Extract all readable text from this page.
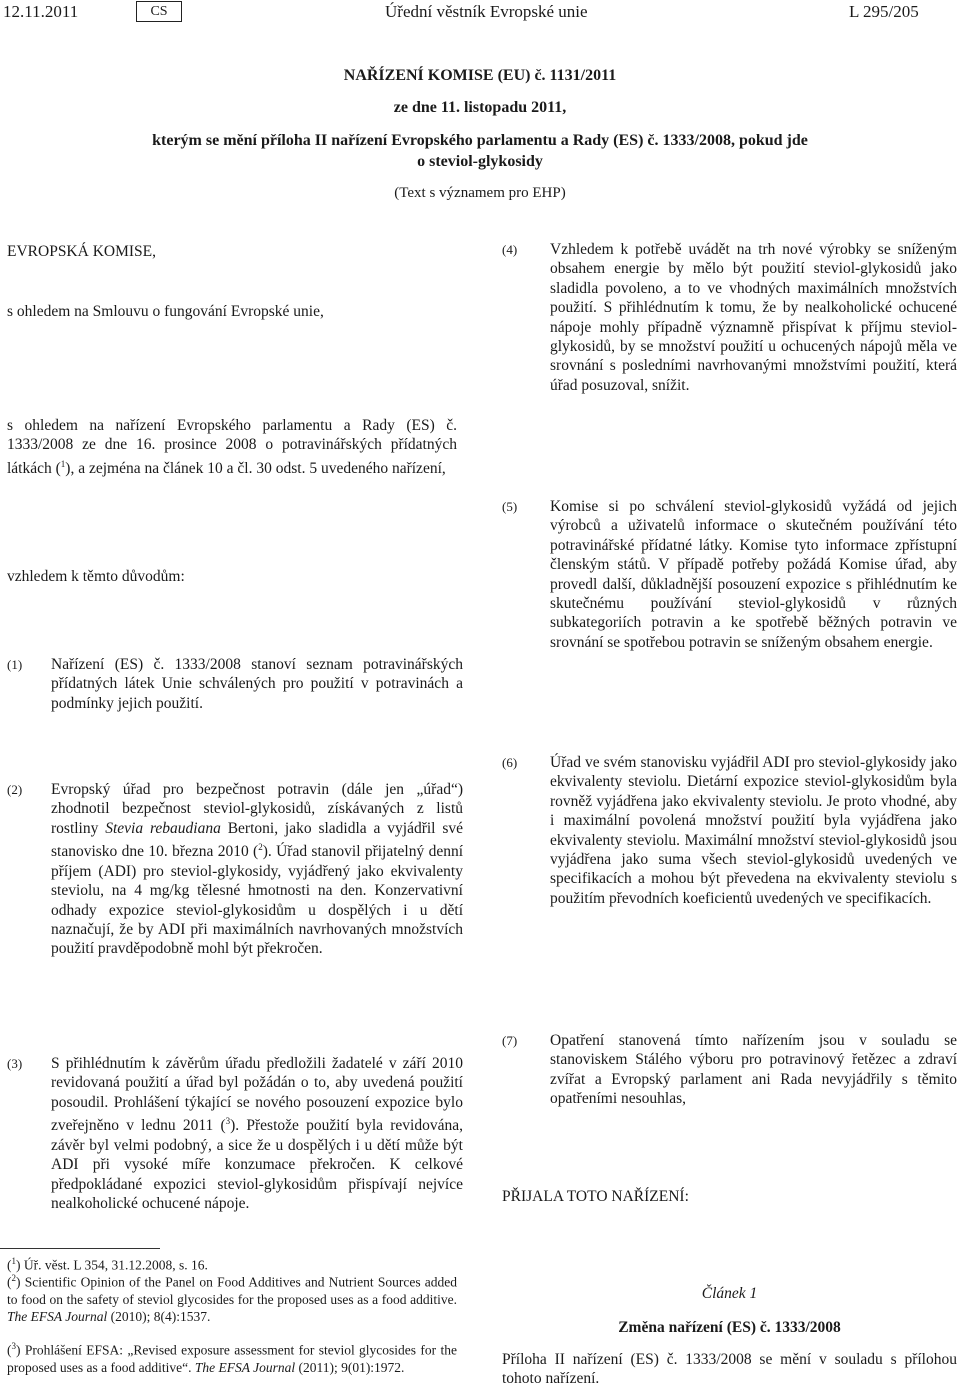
12.11.2011	CS	Úřední věstník Evropské unie	L 295/205
NAŘÍZENÍ KOMISE (EU) č. 1131/2011
ze dne 11. listopadu 2011,
kterým se mění příloha II nařízení Evropského parlamentu a Rady (ES) č. 1333/2008, pokud jde
o steviol-glykosidy
(Text s významem pro EHP)
EVROPSKÁ KOMISE,
s ohledem na Smlouvu o fungování Evropské unie,
s ohledem na nařízení Evropského parlamentu a Rady (ES) č. 1333/2008 ze dne 16. prosince 2008 o potravinářských přídatných látkách ($^1$), a zejména na článek 10 a čl. 30 odst. 5 uvedeného nařízení,
vzhledem k těmto důvodům:
(1) Nařízení (ES) č. 1333/2008 stanoví seznam potravinářských přídatných látek Unie schválených pro použití v potravinách a podmínky jejich použití.
(2) Evropský úřad pro bezpečnost potravin (dále jen „úřad“) zhodnotil bezpečnost steviol-glykosidů, získávaných z listů rostliny Stevia rebaudiana Bertoni, jako sladidla a vyjádřil své stanovisko dne 10. března 2010 ($^2$). Úřad stanovil přijatelný denní příjem (ADI) pro steviol-glykosidy, vyjádřený jako ekvivalenty steviolu, na 4 mg/kg tělesné hmotnosti na den. Konzervativní odhady expozice steviol-glykosidům u dospělých i u dětí naznačují, že by ADI při maximálních navrhovaných množstvích použití pravděpodobně mohl být překročen.
(3) S přihlédnutím k závěrům úřadu předložili žadatelé v září 2010 revidovaná použití a úřad byl požádán o to, aby uvedená použití posoudil. Prohlášení týkající se nového posouzení expozice bylo zveřejněno v lednu 2011 ($^3$). Přestože použití byla revidována, závěr byl velmi podobný, a sice že u dospělých i u dětí může být ADI při vysoké míře konzumace překročen. K celkové předpokládané expozici steviol-glykosidům přispívají nejvíce nealkoholické ochucené nápoje.
($^1$) Úř. věst. L 354, 31.12.2008, s. 16.
($^2$) Scientific Opinion of the Panel on Food Additives and Nutrient Sources added to food on the safety of steviol glycosides for the proposed uses as a food additive. The EFSA Journal (2010); 8(4):1537.
($^3$) Prohlášení EFSA: „Revised exposure assessment for steviol glycosides for the proposed uses as a food additive“. The EFSA Journal (2011); 9(01):1972.
(4) Vzhledem k potřebě uvádět na trh nové výrobky se sníženým obsahem energie by mělo být použití steviol-glykosidů jako sladidla povoleno, a to ve vhodných maximálních množstvích použití. S přihlédnutím k tomu, že by nealkoholické ochucené nápoje mohly případně významně přispívat k příjmu steviol-glykosidů, by se množství použití u ochucených nápojů měla ve srovnání s posledními navrhovanými množstvími použití, která úřad posuzoval, snížit.
(5) Komise si po schválení steviol-glykosidů vyžádá od jejich výrobců a uživatelů informace o skutečném používání této potravinářské přídatné látky. Komise tyto informace zpřístupní členským států. V případě potřeby požádá Komise úřad, aby provedl další, důkladnější posouzení expozice s přihlédnutím ke skutečnému používání steviol-glykosidů v různých subkategoriích potravin a ke spotřebě běžných potravin ve srovnání se spotřebou potravin se sníženým obsahem energie.
(6) Úřad ve svém stanovisku vyjádřil ADI pro steviol-glykosidy jako ekvivalenty steviolu. Dietární expozice steviol-glykosidům byla rovněž vyjádřena jako ekvivalenty steviolu. Je proto vhodné, aby i maximální povolená množství použití byla vyjádřena jako ekvivalenty steviolu. Maximální množství steviol-glykosidů jsou vyjádřena jako suma všech steviol-glykosidů uvedených ve specifikacích a mohou být převedena na ekvivalenty steviolu s použitím převodních koeficientů uvedených ve specifikacích.
(7) Opatření stanovená tímto nařízením jsou v souladu se stanoviskem Stálého výboru pro potravinový řetězec a zdraví zvířat a Evropský parlament ani Rada nevyjádřily s těmito opatřeními nesouhlas,
PŘIJALA TOTO NAŘÍZENÍ:
Článek 1
Změna nařízení (ES) č. 1333/2008
Příloha II nařízení (ES) č. 1333/2008 se mění v souladu s přílohou tohoto nařízení.
